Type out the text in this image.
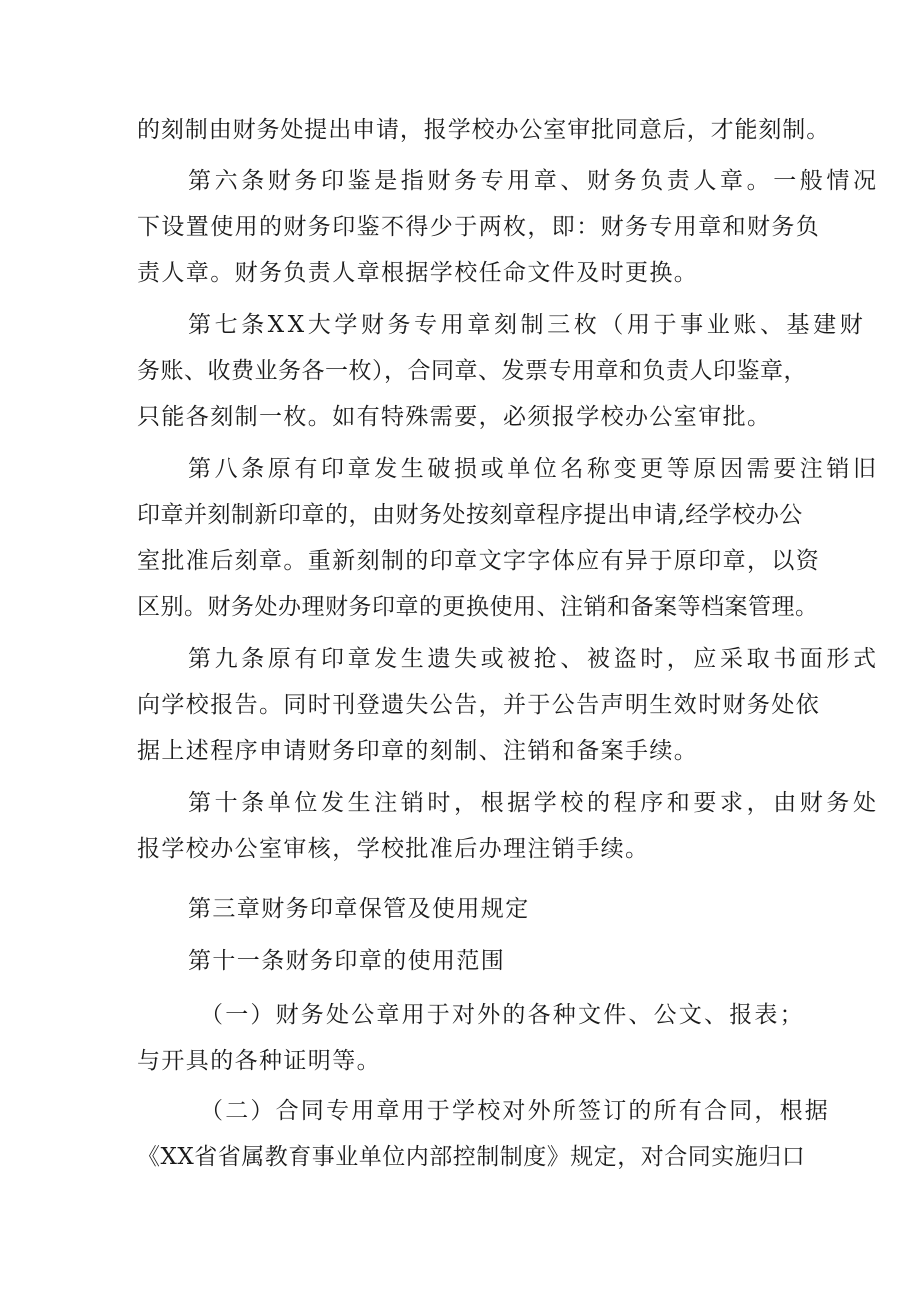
的刻制由财务处提出申请，报学校办公室审批同意后，才能刻制。
第六条财务印鉴是指财务专用章、财务负责人章。一般情况
下设置使用的财务印鉴不得少于两枚，即：财务专用章和财务负
责人章。财务负责人章根据学校任命文件及时更换。
第七条XX大学财务专用章刻制三枚（用于事业账、基建财
务账、收费业务各一枚），合同章、发票专用章和负责人印鉴章，
只能各刻制一枚。如有特殊需要，必须报学校办公室审批。
第八条原有印章发生破损或单位名称变更等原因需要注销旧
印章并刻制新印章的，由财务处按刻章程序提出申请,经学校办公
室批准后刻章。重新刻制的印章文字字体应有异于原印章，以资
区别。财务处办理财务印章的更换使用、注销和备案等档案管理。
第九条原有印章发生遗失或被抢、被盗时，应采取书面形式
向学校报告。同时刊登遗失公告，并于公告声明生效时财务处依
据上述程序申请财务印章的刻制、注销和备案手续。
第十条单位发生注销时，根据学校的程序和要求，由财务处
报学校办公室审核，学校批准后办理注销手续。
第三章财务印章保管及使用规定
第十一条财务印章的使用范围
（一）财务处公章用于对外的各种文件、公文、报表；
与开具的各种证明等。
（二）合同专用章用于学校对外所签订的所有合同，根据
《XX省省属教育事业单位内部控制制度》规定，对合同实施归口
